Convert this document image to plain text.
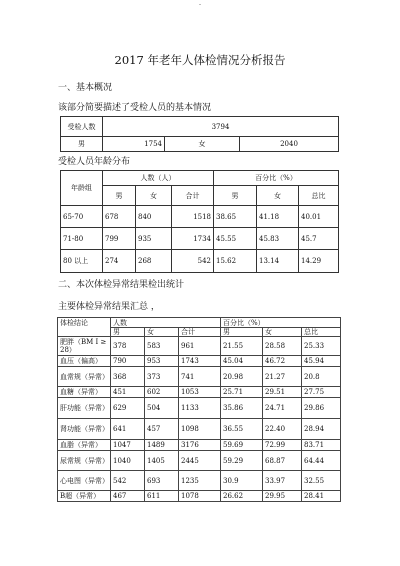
-
2017 年老年人体检情况分析报告
一、基本概况
该部分简要描述了受检人员的基本情况
受检人数	3794		
男	1754	女	2040
受检人员年龄分布
年龄组	人数（人）			百分比（%）		
	男	女	合计	男	女	总比
65-70	678	840	1518	38.65	41.18	40.01
71-80	799	935	1734	45.55	45.83	45.7
80 以上	274	268	542	15.62	13.14	14.29
二、本次体检异常结果检出统计
主要体检异常结果汇总 ，
体检结论	人数			百分比（%）		
	男	女	合计	男	女	总比
肥胖（BM I ≥ 28）	378	583	961	21.55	28.58	25.33
血压（偏高）	790	953	1743	45.04	46.72	45.94
血常规（异常）	368	373	741	20.98	21.27	20.8
血糖（异常）	451	602	1053	25.71	29.51	27.75
肝功能（异常）	629	504	1133	35.86	24.71	29.86
肾功能（异常）	641	457	1098	36.55	22.40	28.94
血脂（异常）	1047	1489	3176	59.69	72.99	83.71
尿常规（异常）	1040	1405	2445	59.29	68.87	64.44
心电图（异常）	542	693	1235	30.9	33.97	32.55
B超（异常）	467	611	1078	26.62	29.95	28.41
